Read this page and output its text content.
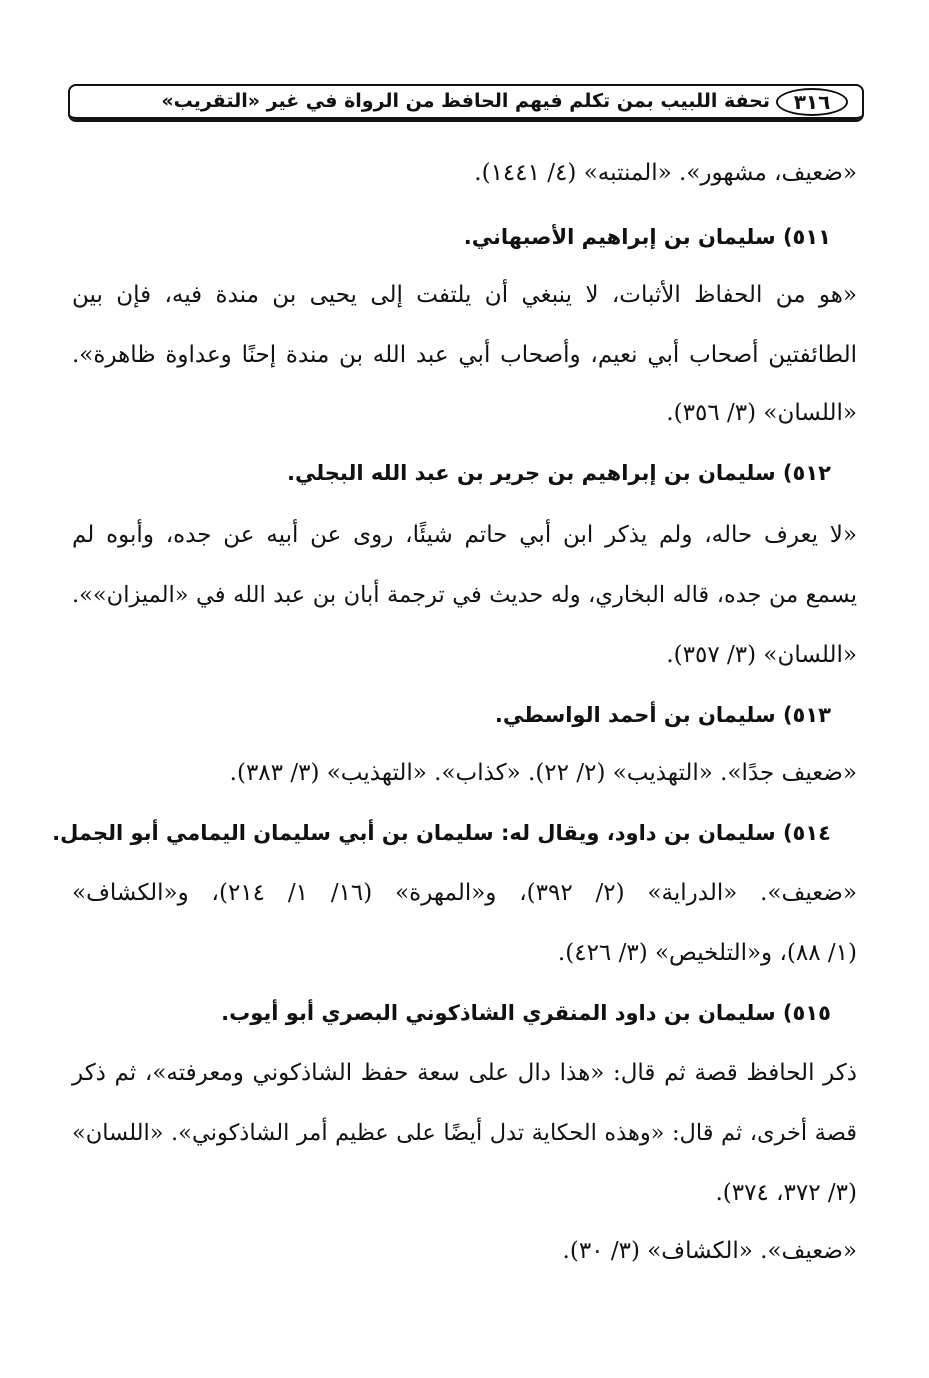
٣١٦
تحفة اللبيب بمن تكلم فيهم الحافظ من الرواة في غير «التقريب»
«ضعيف، مشهور». «المنتبه» (٤/ ١٤٤١).
٥١١) سليمان بن إبراهيم الأصبهاني.
«هو من الحفاظ الأثبات، لا ينبغي أن يلتفت إلى يحيى بن مندة فيه، فإن بين
الطائفتين أصحاب أبي نعيم، وأصحاب أبي عبد الله بن مندة إحنًا وعداوة ظاهرة».
«اللسان» (٣/ ٣٥٦).
٥١٢) سليمان بن إبراهيم بن جرير بن عبد الله البجلي.
«لا يعرف حاله، ولم يذكر ابن أبي حاتم شيئًا، روى عن أبيه عن جده، وأبوه لم
يسمع من جده، قاله البخاري، وله حديث في ترجمة أبان بن عبد الله في «الميزان»».
«اللسان» (٣/ ٣٥٧).
٥١٣) سليمان بن أحمد الواسطي.
«ضعيف جدًا». «التهذيب» (٢/ ٢٢). «كذاب». «التهذيب» (٣/ ٣٨٣).
٥١٤) سليمان بن داود، ويقال له: سليمان بن أبي سليمان اليمامي أبو الجمل.
«ضعيف». «الدراية» (٢/ ٣٩٢)، و«المهرة» (١٦/ ١/ ٢١٤)، و«الكشاف»
(١/ ٨٨)، و«التلخيص» (٣/ ٤٢٦).
٥١٥) سليمان بن داود المنقري الشاذكوني البصري أبو أيوب.
ذكر الحافظ قصة ثم قال: «هذا دال على سعة حفظ الشاذكوني ومعرفته»، ثم ذكر
قصة أخرى، ثم قال: «وهذه الحكاية تدل أيضًا على عظيم أمر الشاذكوني». «اللسان»
(٣/ ٣٧٢، ٣٧٤).
«ضعيف». «الكشاف» (٣/ ٣٠).
